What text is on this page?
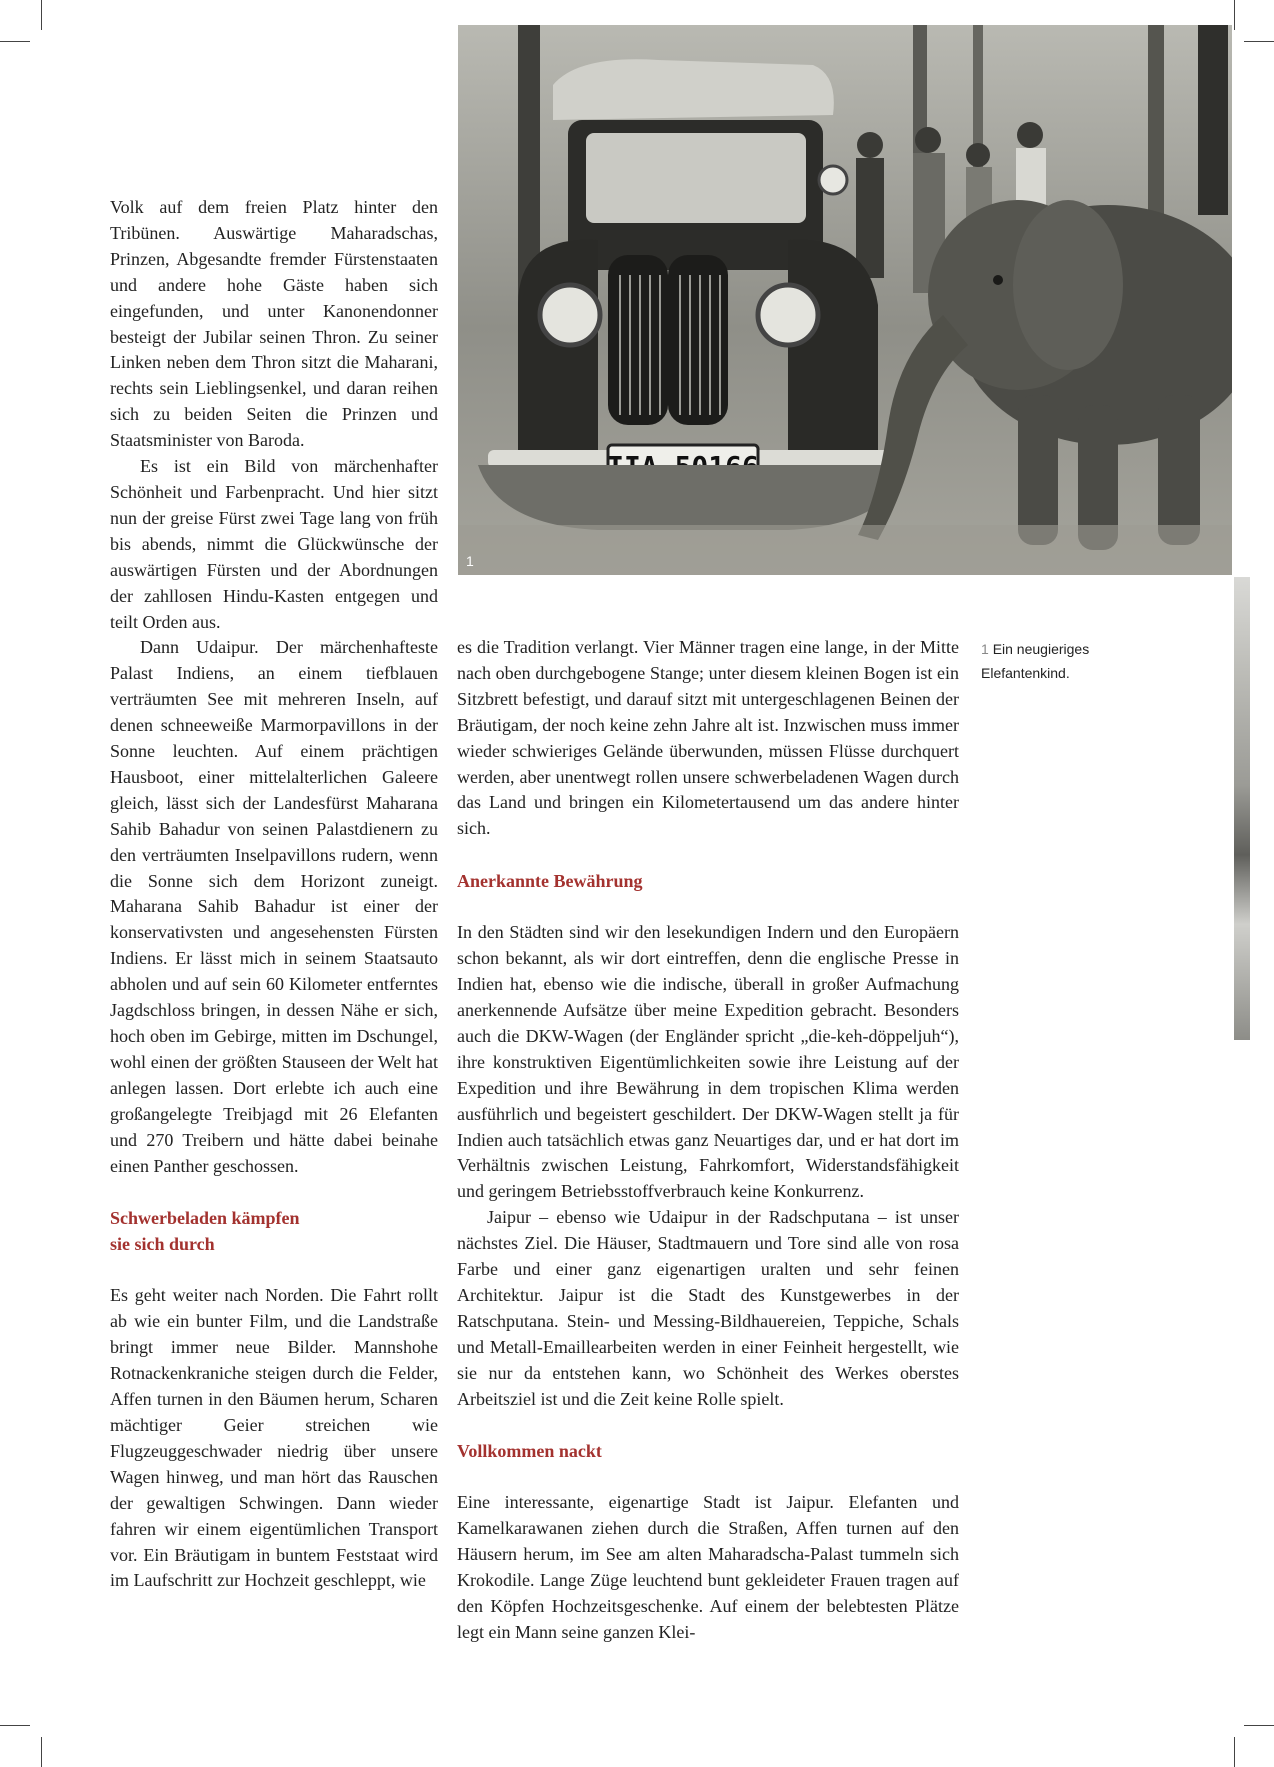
1
1 Ein neugieriges Elefantenkind.

Volk auf dem freien Platz hinter den Tribünen. Auswärtige Maharadschas, Prinzen, Abgesandte fremder Fürstenstaaten und andere hohe Gäste haben sich eingefunden, und unter Kanonendonner besteigt der Jubilar seinen Thron. Zu seiner Linken neben dem Thron sitzt die Maharani, rechts sein Lieblingsenkel, und daran reihen sich zu beiden Seiten die Prinzen und Staatsminister von Baroda.

Es ist ein Bild von märchenhafter Schönheit und Farbenpracht. Und hier sitzt nun der greise Fürst zwei Tage lang von früh bis abends, nimmt die Glückwünsche der auswärtigen Fürsten und der Abordnungen der zahllosen Hindu-Kasten entgegen und teilt Orden aus.

Dann Udaipur. Der märchenhafteste Palast Indiens, an einem tiefblauen verträumten See mit mehreren Inseln, auf denen schneeweiße Marmorpavillons in der Sonne leuchten. Auf einem prächtigen Hausboot, einer mittelalterlichen Galeere gleich, lässt sich der Landesfürst Maharana Sahib Bahadur von seinen Palastdienern zu den verträumten Inselpavillons rudern, wenn die Sonne sich dem Horizont zuneigt. Maharana Sahib Bahadur ist einer der konservativsten und angesehensten Fürsten Indiens. Er lässt mich in seinem Staatsauto abholen und auf sein 60 Kilometer entferntes Jagdschloss bringen, in dessen Nähe er sich, hoch oben im Gebirge, mitten im Dschungel, wohl einen der größten Stauseen der Welt hat anlegen lassen. Dort erlebte ich auch eine großangelegte Treibjagd mit 26 Elefanten und 270 Treibern und hätte dabei beinahe einen Panther geschossen.

Schwerbeladen kämpfen
sie sich durch

Es geht weiter nach Norden. Die Fahrt rollt ab wie ein bunter Film, und die Landstraße bringt immer neue Bilder. Mannshohe Rotnackenkraniche steigen durch die Felder, Affen turnen in den Bäumen herum, Scharen mächtiger Geier streichen wie Flugzeuggeschwader niedrig über unsere Wagen hinweg, und man hört das Rauschen der gewaltigen Schwingen. Dann wieder fahren wir einem eigentümlichen Transport vor. Ein Bräutigam in buntem Feststaat wird im Laufschritt zur Hochzeit geschleppt, wie

es die Tradition verlangt. Vier Männer tragen eine lange, in der Mitte nach oben durchgebogene Stange; unter diesem kleinen Bogen ist ein Sitzbrett befestigt, und darauf sitzt mit untergeschlagenen Beinen der Bräutigam, der noch keine zehn Jahre alt ist. Inzwischen muss immer wieder schwieriges Gelände überwunden, müssen Flüsse durchquert werden, aber unentwegt rollen unsere schwerbeladenen Wagen durch das Land und bringen ein Kilometertausend um das andere hinter sich.

Anerkannte Bewährung

In den Städten sind wir den lesekundigen Indern und den Europäern schon bekannt, als wir dort eintreffen, denn die englische Presse in Indien hat, ebenso wie die indische, überall in großer Aufmachung anerkennende Aufsätze über meine Expedition gebracht. Besonders auch die DKW-Wagen (der Engländer spricht „die-keh-döppeljuh“), ihre konstruktiven Eigentümlichkeiten sowie ihre Leistung auf der Expedition und ihre Bewährung in dem tropischen Klima werden ausführlich und begeistert geschildert. Der DKW-Wagen stellt ja für Indien auch tatsächlich etwas ganz Neuartiges dar, und er hat dort im Verhältnis zwischen Leistung, Fahrkomfort, Widerstandsfähigkeit und geringem Betriebsstoffverbrauch keine Konkurrenz.

Jaipur – ebenso wie Udaipur in der Radschputana – ist unser nächstes Ziel. Die Häuser, Stadtmauern und Tore sind alle von rosa Farbe und einer ganz eigenartigen uralten und sehr feinen Architektur. Jaipur ist die Stadt des Kunstgewerbes in der Ratschputana. Stein- und Messing-Bildhauereien, Teppiche, Schals und Metall-Emaillearbeiten werden in einer Feinheit hergestellt, wie sie nur da entstehen kann, wo Schönheit des Werkes oberstes Arbeitsziel ist und die Zeit keine Rolle spielt.

Vollkommen nackt

Eine interessante, eigenartige Stadt ist Jaipur. Elefanten und Kamelkarawanen ziehen durch die Straßen, Affen turnen auf den Häusern herum, im See am alten Maharadscha-Palast tummeln sich Krokodile. Lange Züge leuchtend bunt gekleideter Frauen tragen auf den Köpfen Hochzeitsgeschenke. Auf einem der belebtesten Plätze legt ein Mann seine ganzen Klei-
